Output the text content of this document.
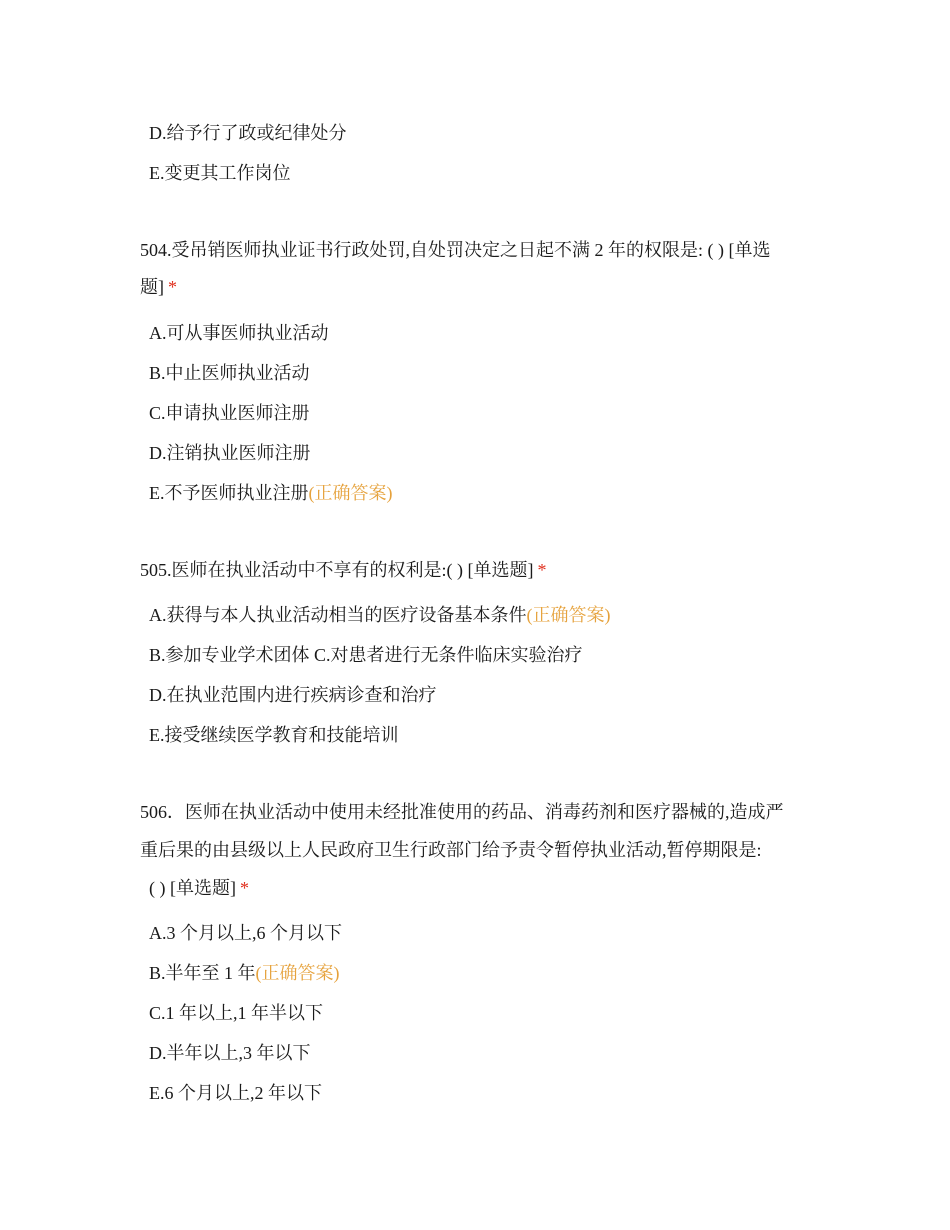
D.给予行了政或纪律处分
E.变更其工作岗位
504.受吊销医师执业证书行政处罚,自处罚决定之日起不满 2 年的权限是: ( ) [单选
题] *
A.可从事医师执业活动
B.中止医师执业活动
C.申请执业医师注册
D.注销执业医师注册
E.不予医师执业注册(正确答案)
505.医师在执业活动中不享有的权利是:( ) [单选题] *
A.获得与本人执业活动相当的医疗设备基本条件(正确答案)
B.参加专业学术团体 C.对患者进行无条件临床实验治疗
D.在执业范围内进行疾病诊查和治疗
E.接受继续医学教育和技能培训
506．医师在执业活动中使用未经批准使用的药品、消毒药剂和医疗器械的,造成严
重后果的由县级以上人民政府卫生行政部门给予责令暂停执业活动,暂停期限是:
( ) [单选题] *
A.3 个月以上,6 个月以下
B.半年至 1 年(正确答案)
C.1 年以上,1 年半以下
D.半年以上,3 年以下
E.6 个月以上,2 年以下
